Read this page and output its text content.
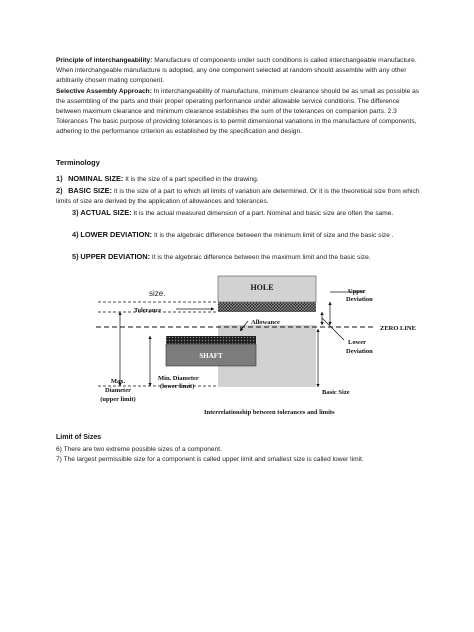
Principle of interchangeability: Manufacture of components under such conditions is called interchangeable manufacture. When interchangeable manufacture is adopted, any one component selected at random should assemble with any other arbitrarily chosen mating component.
Selective Assembly Approach: In interchangeability of manufacture, minimum clearance should be as small as possible as the assembling of the parts and their proper operating performance under allowable service conditions. The difference between maximum clearance and minimum clearance establishes the sum of the tolerances on companion parts. 2.3 Tolerances The basic purpose of providing tolerances is to permit dimensional variations in the manufacture of components, adhering to the performance criterion as established by the specification and design.

Terminology

1) NOMINAL SIZE: It is the size of a part specified in the drawing.

2) BASIC SIZE: It is the size of a part to which all limits of variation are determined. Or it is the theoretical size from which limits of size are derived by the application of allowances and tolerances.

3) ACTUAL SIZE: It is the actual measured dimension of a part. Nominal and basic size are often the same.

4) LOWER DEVIATION: It is the algebraic difference between the minimum limit of size and the basic size .

5) UPPER DEVIATION: It is the algebraic difference between the maximum limit and the basic size.

size.

HOLE
SHAFT
ZERO LINE
Tolerance
Allowance
Upper
Deviation
Lower
Deviation
Basic Size
Max.
Diameter
(upper limit)
Min. Diameter
(lower limit)
Interrelationship between tolerances and limits

Limit of Sizes

6) There are two extreme possible sizes of a component.

7) The largest permissible size for a component is called upper limit and smallest size is called lower limit.
